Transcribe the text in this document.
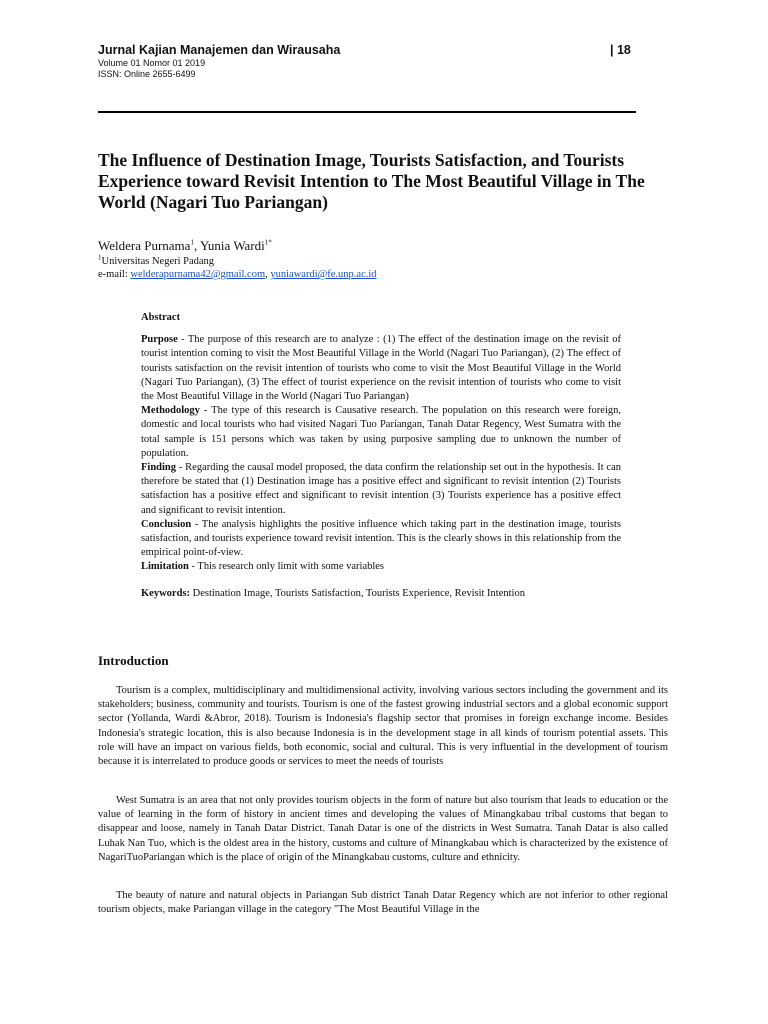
Jurnal Kajian Manajemen dan Wirausaha	| 18
Volume 01 Nomor 01 2019
ISSN: Online 2655-6499
The Influence of Destination Image, Tourists Satisfaction, and Tourists Experience toward Revisit Intention to The Most Beautiful Village in The World (Nagari Tuo Pariangan)
Weldera Purnama$^1$, Yunia Wardi$^{1*}$
$^1$Universitas Negeri Padang
e-mail: welderapurnama42@gmail.com, yuniawardi@fe.unp.ac.id

Abstract

Purpose - The purpose of this research are to analyze : (1) The effect of the destination image on the revisit of tourist intention coming to visit the Most Beautiful Village in the World (Nagari Tuo Pariangan), (2) The effect of tourists satisfaction on the revisit intention of tourists who come to visit the Most Beautiful Village in the World (Nagari Tuo Pariangan), (3) The effect of tourist experience on the revisit intention of tourists who come to visit the Most Beautiful Village in the World (Nagari Tuo Pariangan)

Methodology - The type of this research is Causative research. The population on this research were foreign, domestic and local tourists who had visited Nagari Tuo Pariangan, Tanah Datar Regency, West Sumatra with the total sample is 151 persons which was taken by using purposive sampling due to unknown the number of population.

Finding - Regarding the causal model proposed, the data confirm the relationship set out in the hypothesis. It can therefore be stated that (1) Destination image has a positive effect and significant to revisit intention (2) Tourists satisfaction has a positive effect and significant to revisit intention (3) Tourists experience has a positive effect and significant to revisit intention.

Conclusion - The analysis highlights the positive influence which taking part in the destination image, tourists satisfaction, and tourists experience toward revisit intention. This is the clearly shows in this relationship from the empirical point-of-view.

Limitation - This research only limit with some variables

Keywords: Destination Image, Tourists Satisfaction, Tourists Experience, Revisit Intention

Introduction

Tourism is a complex, multidisciplinary and multidimensional activity, involving various sectors including the government and its stakeholders; business, community and tourists. Tourism is one of the fastest growing industrial sectors and a global economic support sector (Yollanda, Wardi &Abror, 2018). Tourism is Indonesia's flagship sector that promises in foreign exchange income. Besides Indonesia's strategic location, this is also because Indonesia is in the development stage in all kinds of tourism potential assets. This role will have an impact on various fields, both economic, social and cultural. This is very influential in the development of tourism because it is interrelated to produce goods or services to meet the needs of tourists

West Sumatra is an area that not only provides tourism objects in the form of nature but also tourism that leads to education or the value of learning in the form of history in ancient times and developing the values of Minangkabau tribal customs that began to disappear and loose, namely in Tanah Datar District. Tanah Datar is one of the districts in West Sumatra. Tanah Datar is also called Luhak Nan Tuo, which is the oldest area in the history, customs and culture of Minangkabau which is characterized by the existence of NagariTuoPariangan which is the place of origin of the Minangkabau customs, culture and ethnicity.

The beauty of nature and natural objects in Pariangan Sub district Tanah Datar Regency which are not inferior to other regional tourism objects, make Pariangan village in the category "The Most Beautiful Village in the
